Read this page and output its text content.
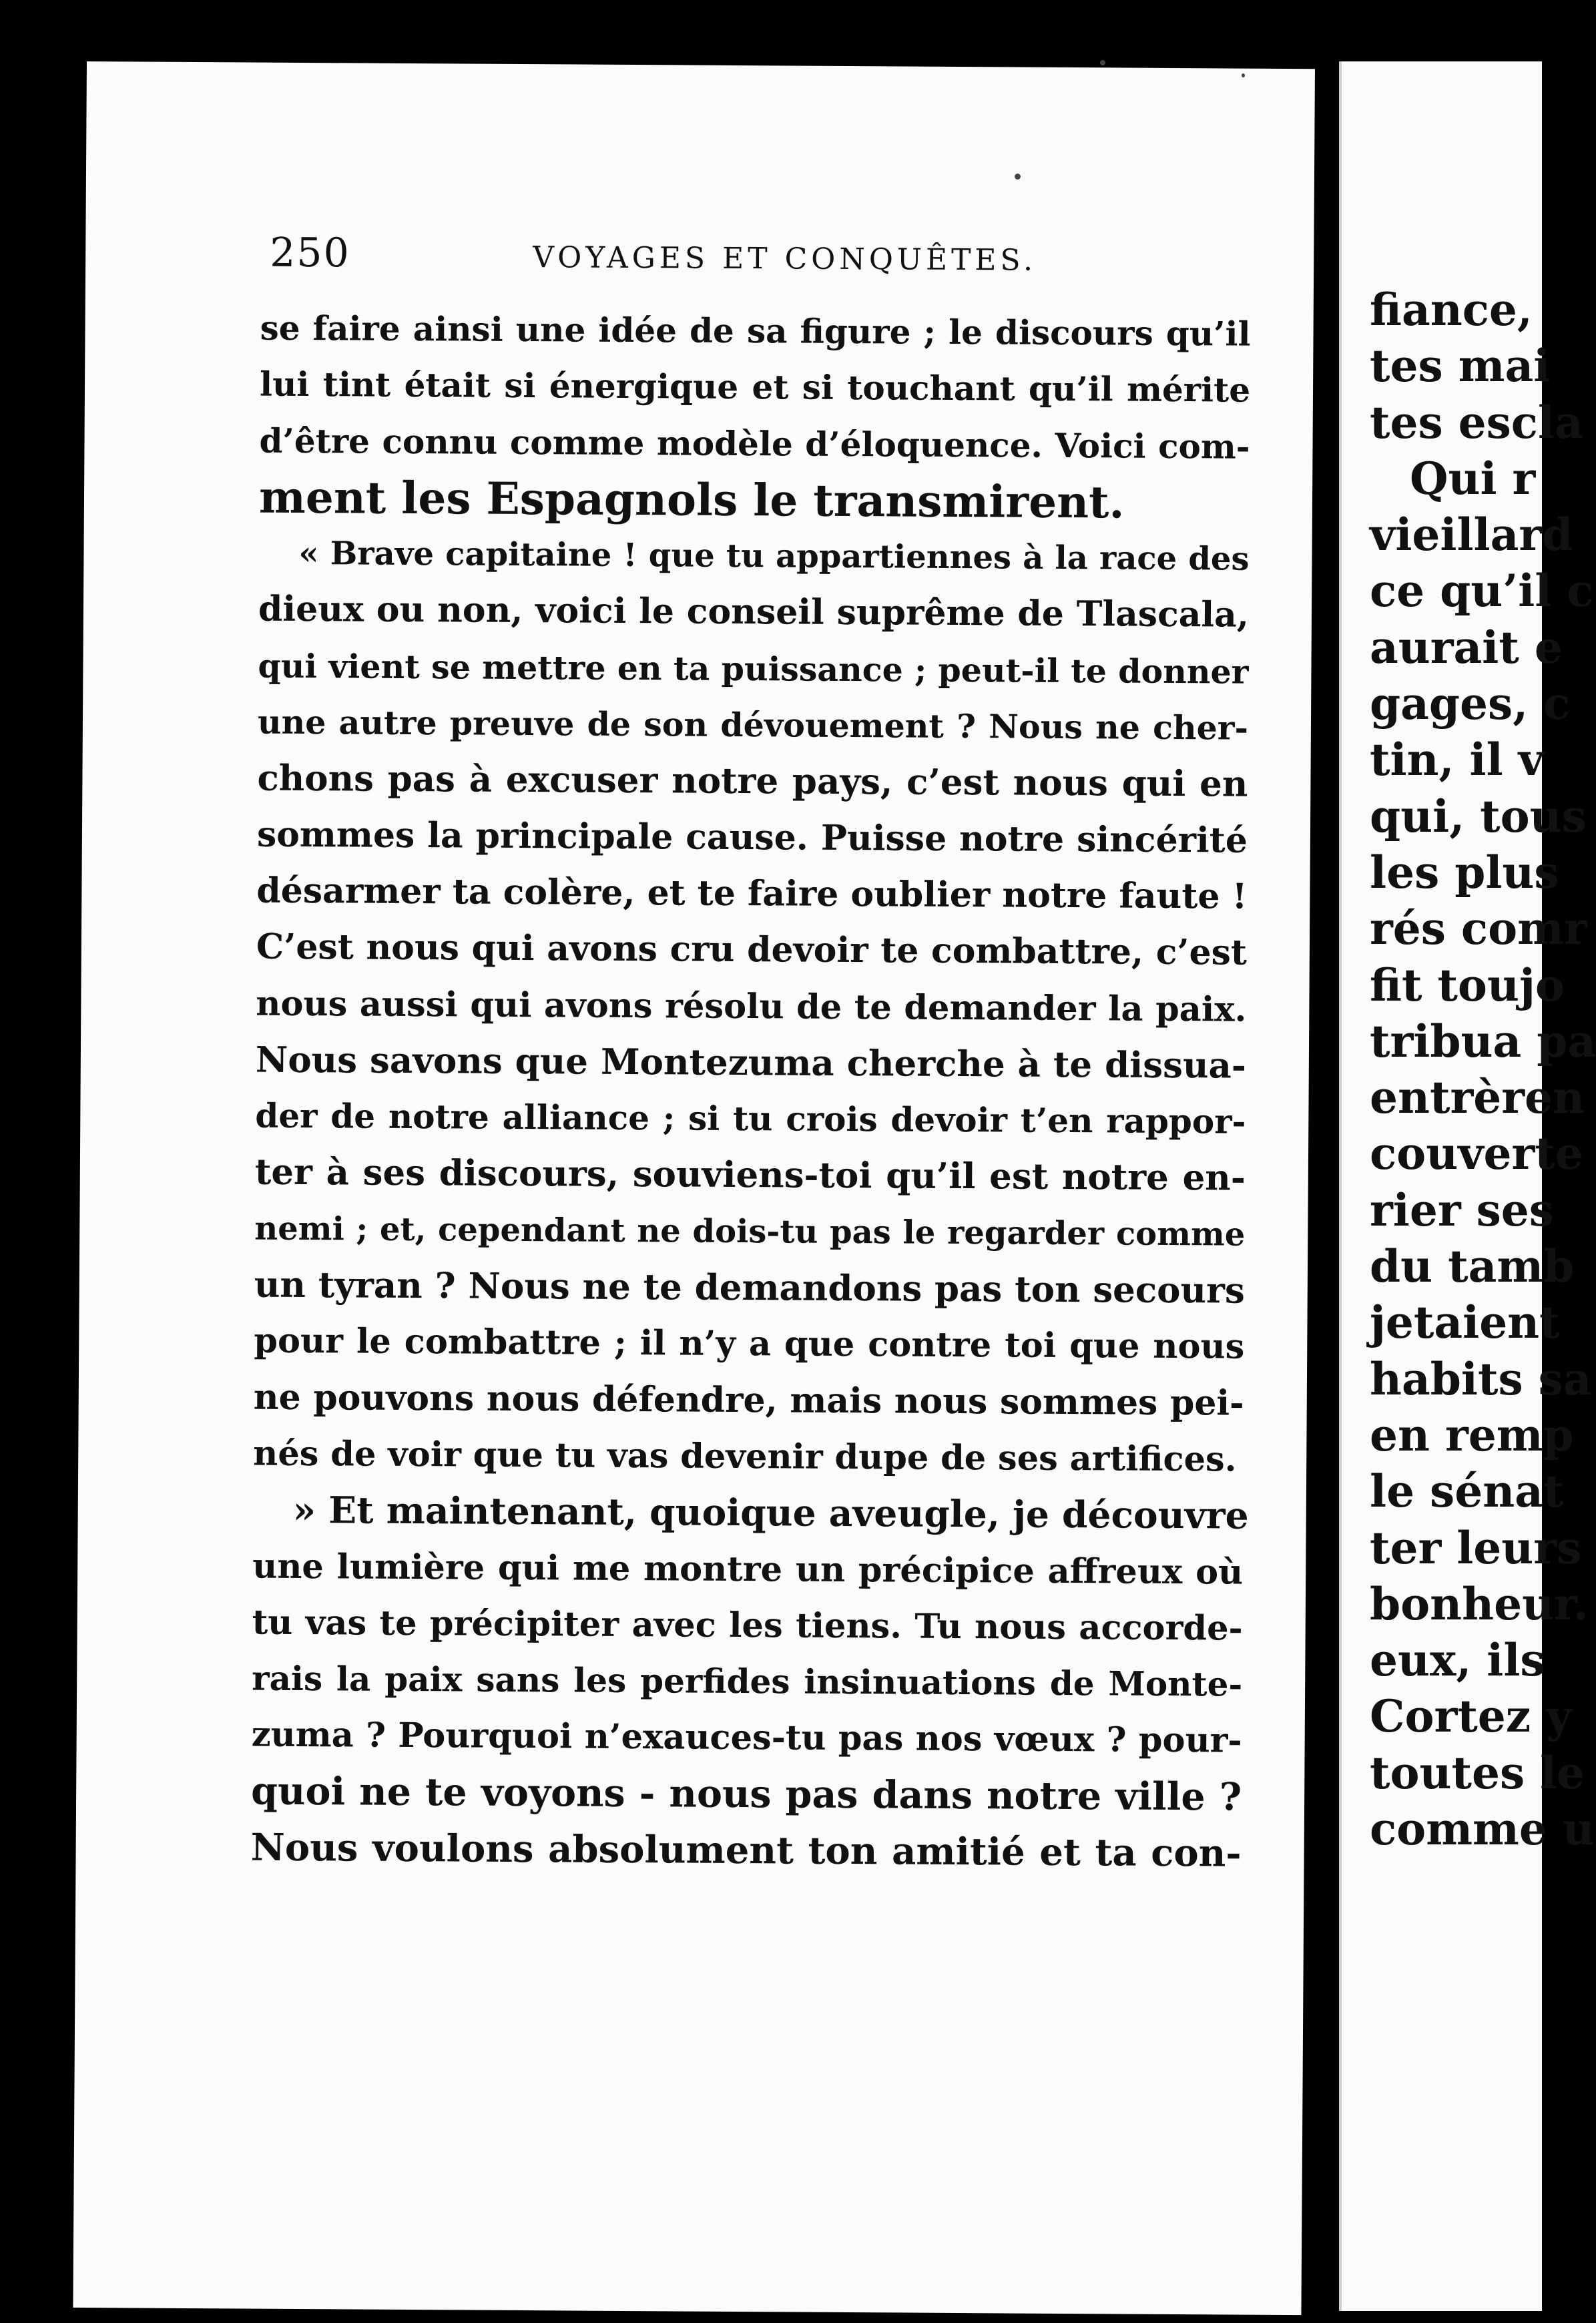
250	VOYAGES ET CONQUÊTES.
se faire ainsi une idée de sa figure ; le discours qu’il
lui tint était si énergique et si touchant qu’il mérite
d’être connu comme modèle d’éloquence. Voici com-
ment les Espagnols le transmirent.
« Brave capitaine ! que tu appartiennes à la race des
dieux ou non, voici le conseil suprême de Tlascala,
qui vient se mettre en ta puissance ; peut-il te donner
une autre preuve de son dévouement ? Nous ne cher-
chons pas à excuser notre pays, c’est nous qui en
sommes la principale cause. Puisse notre sincérité
désarmer ta colère, et te faire oublier notre faute !
C’est nous qui avons cru devoir te combattre, c’est
nous aussi qui avons résolu de te demander la paix.
Nous savons que Montezuma cherche à te dissua-
der de notre alliance ; si tu crois devoir t’en rappor-
ter à ses discours, souviens-toi qu’il est notre en-
nemi ; et, cependant ne dois-tu pas le regarder comme
un tyran ? Nous ne te demandons pas ton secours
pour le combattre ; il n’y a que contre toi que nous
ne pouvons nous défendre, mais nous sommes pei-
nés de voir que tu vas devenir dupe de ses artifices.
» Et maintenant, quoique aveugle, je découvre
une lumière qui me montre un précipice affreux où
tu vas te précipiter avec les tiens. Tu nous accorde-
rais la paix sans les perfides insinuations de Monte-
zuma ? Pourquoi n’exauces-tu pas nos vœux ? pour-
quoi ne te voyons - nous pas dans notre ville ?
Nous voulons absolument ton amitié et ta con-
fiance,
tes mai
tes escla
Qui r
vieillard
ce qu’il c
aurait e
gages, c
tin, il v
qui, tous
les plus
rés comr
fit toujo
tribua pa
entrèren
couverte
rier ses
du tamb
jetaient
habits sa
en remp
le sénat
ter leurs
bonheur.
eux, ils
Cortez y
toutes le
comme u
